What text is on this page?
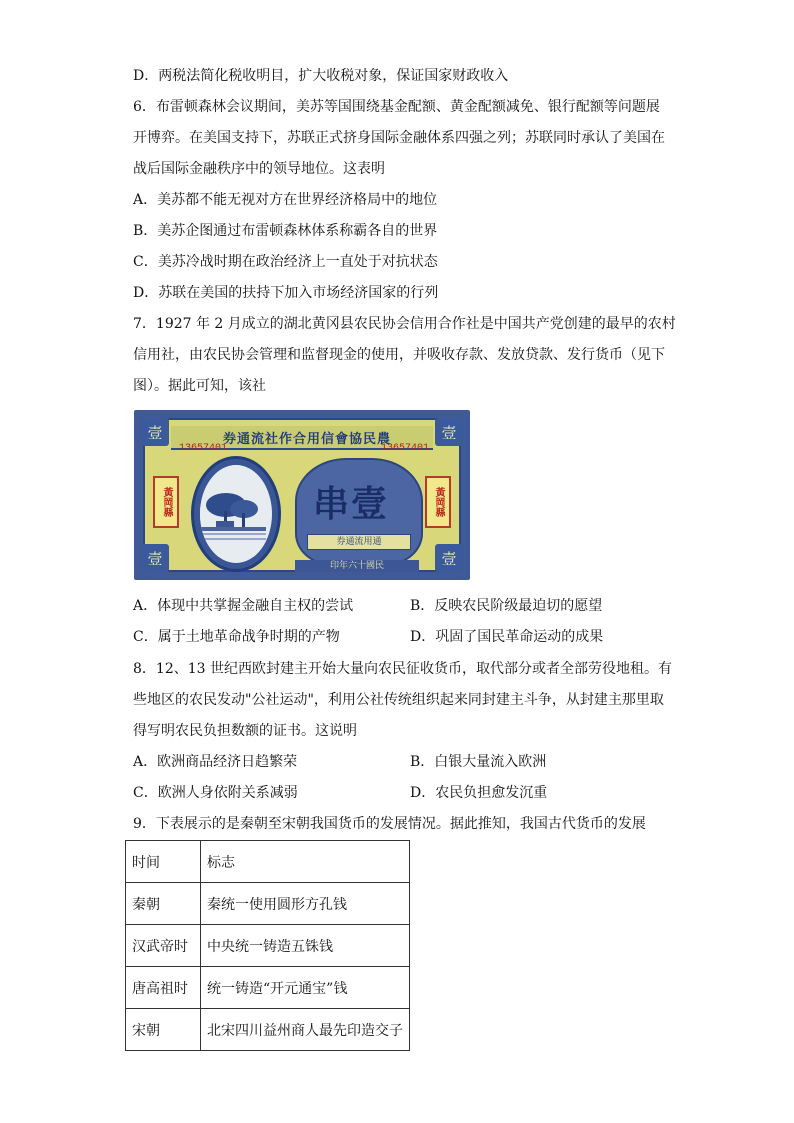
D．两税法简化税收明目，扩大收税对象，保证国家财政收入
6．布雷顿森林会议期间，美苏等国围绕基金配额、黄金配额减免、银行配额等问题展
开博弈。在美国支持下，苏联正式挤身国际金融体系四强之列；苏联同时承认了美国在
战后国际金融秩序中的领导地位。这表明
A．美苏都不能无视对方在世界经济格局中的地位
B．美苏企图通过布雷顿森林体系称霸各自的世界
C．美苏冷战时期在政治经济上一直处于对抗状态
D．苏联在美国的扶持下加入市场经济国家的行列
7．1927 年 2 月成立的湖北黄冈县农民协会信用合作社是中国共产党创建的最早的农村
信用社，由农民协会管理和监督现金的使用，并吸收存款、发放贷款、发行货币（见下
图）。据此可知，该社
券通流社作合用信會協民農
13657401	13657401
壹	壹
壹	壹
黃岡縣	黃岡縣
串壹
券通流用通
印年六十國民
A．体现中共掌握金融自主权的尝试	B．反映农民阶级最迫切的愿望
C．属于土地革命战争时期的产物	D．巩固了国民革命运动的成果
8．12、13 世纪西欧封建主开始大量向农民征收货币，取代部分或者全部劳役地租。有
些地区的农民发动"公社运动"，利用公社传统组织起来同封建主斗争，从封建主那里取
得写明农民负担数额的证书。这说明
A．欧洲商品经济日趋繁荣	B．白银大量流入欧洲
C．欧洲人身依附关系减弱	D．农民负担愈发沉重
9．下表展示的是秦朝至宋朝我国货币的发展情况。据此推知，我国古代货币的发展
时间	标志
秦朝	秦统一使用圆形方孔钱
汉武帝时	中央统一铸造五铢钱
唐高祖时	统一铸造“开元通宝”钱
宋朝	北宋四川益州商人最先印造交子
